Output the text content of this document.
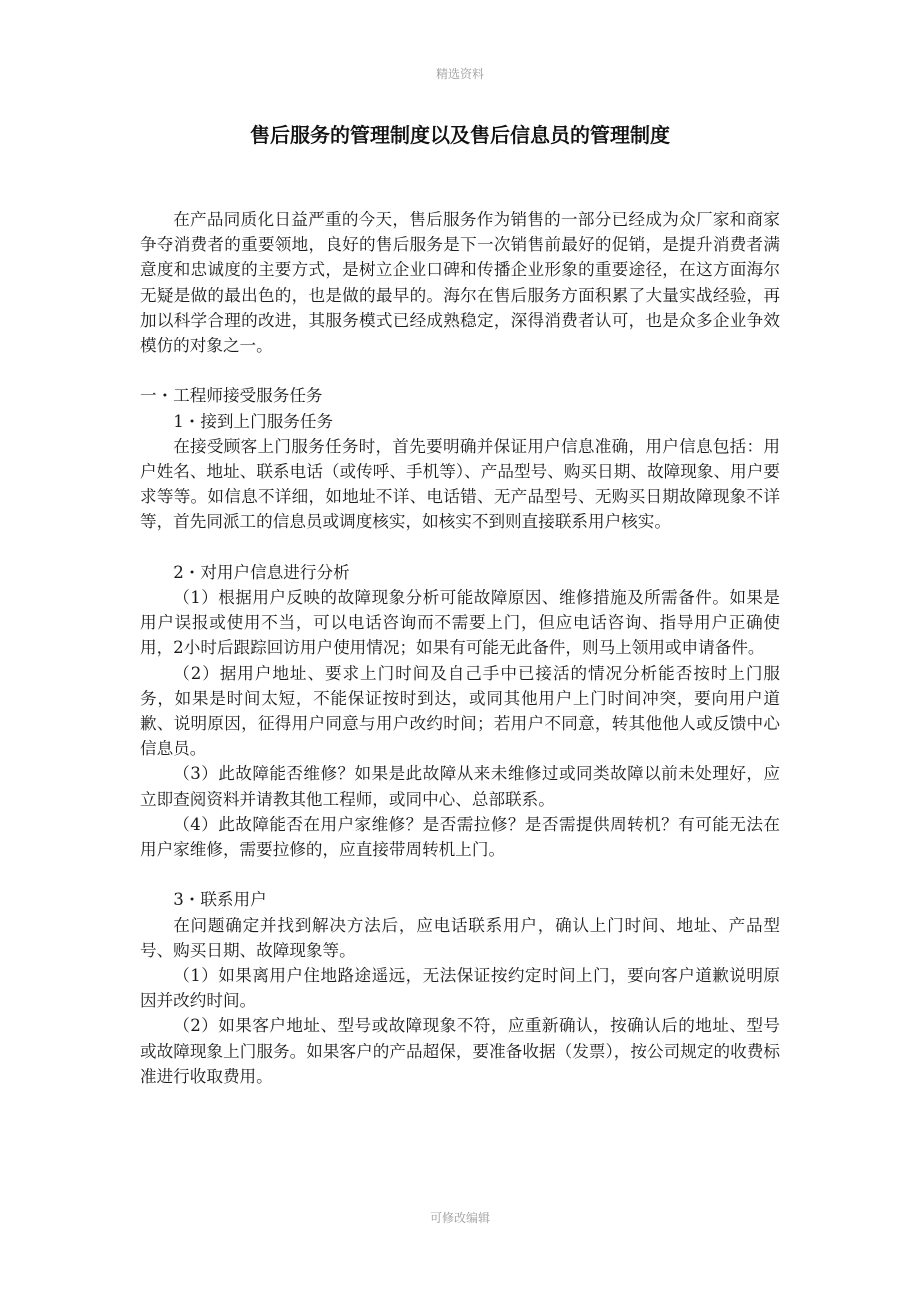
精选资料
售后服务的管理制度以及售后信息员的管理制度

在产品同质化日益严重的今天，售后服务作为销售的一部分已经成为众厂家和商家争夺消费者的重要领地，良好的售后服务是下一次销售前最好的促销，是提升消费者满意度和忠诚度的主要方式，是树立企业口碑和传播企业形象的重要途径，在这方面海尔无疑是做的最出色的，也是做的最早的。海尔在售后服务方面积累了大量实战经验，再加以科学合理的改进，其服务模式已经成熟稳定，深得消费者认可，也是众多企业争效模仿的对象之一。

一・工程师接受服务任务

1・接到上门服务任务

在接受顾客上门服务任务时，首先要明确并保证用户信息准确，用户信息包括：用户姓名、地址、联系电话（或传呼、手机等）、产品型号、购买日期、故障现象、用户要求等等。如信息不详细，如地址不详、电话错、无产品型号、无购买日期故障现象不详等，首先同派工的信息员或调度核实，如核实不到则直接联系用户核实。

2・对用户信息进行分析

（1）根据用户反映的故障现象分析可能故障原因、维修措施及所需备件。如果是用户误报或使用不当，可以电话咨询而不需要上门，但应电话咨询、指导用户正确使用，2小时后跟踪回访用户使用情况；如果有可能无此备件，则马上领用或申请备件。

（2）据用户地址、要求上门时间及自己手中已接活的情况分析能否按时上门服务，如果是时间太短，不能保证按时到达，或同其他用户上门时间冲突，要向用户道歉、说明原因，征得用户同意与用户改约时间；若用户不同意，转其他他人或反馈中心信息员。

（3）此故障能否维修？如果是此故障从来未维修过或同类故障以前未处理好，应立即查阅资料并请教其他工程师，或同中心、总部联系。

（4）此故障能否在用户家维修？是否需拉修？是否需提供周转机？有可能无法在用户家维修，需要拉修的，应直接带周转机上门。

3・联系用户

在问题确定并找到解决方法后，应电话联系用户，确认上门时间、地址、产品型号、购买日期、故障现象等。

（1）如果离用户住地路途遥远，无法保证按约定时间上门，要向客户道歉说明原因并改约时间。

（2）如果客户地址、型号或故障现象不符，应重新确认，按确认后的地址、型号或故障现象上门服务。如果客户的产品超保，要准备收据（发票），按公司规定的收费标准进行收取费用。

可修改编辑
